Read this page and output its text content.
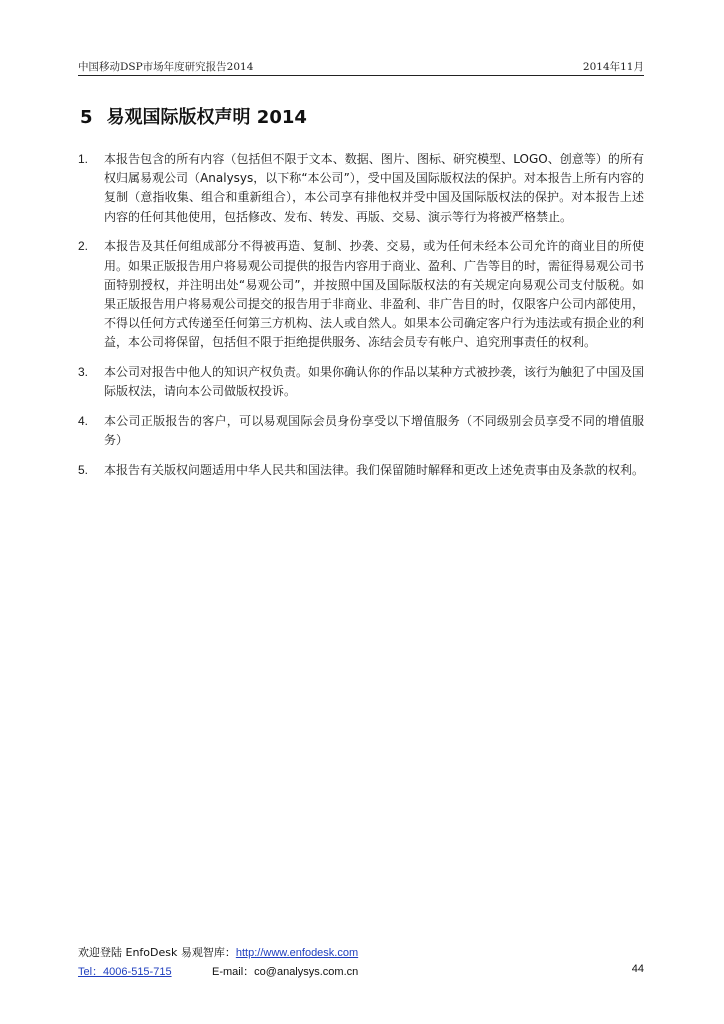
中国移动DSP市场年度研究报告2014	2014年11月
5 易观国际版权声明 2014
1. 本报告包含的所有内容（包括但不限于文本、数据、图片、图标、研究模型、LOGO、创意等）的所有权归属易观公司（Analysys，以下称“本公司”），受中国及国际版权法的保护。对本报告上所有内容的复制（意指收集、组合和重新组合），本公司享有排他权并受中国及国际版权法的保护。对本报告上述内容的任何其他使用，包括修改、发布、转发、再版、交易、演示等行为将被严格禁止。
2. 本报告及其任何组成部分不得被再造、复制、抄袭、交易，或为任何未经本公司允许的商业目的所使用。如果正版报告用户将易观公司提供的报告内容用于商业、盈利、广告等目的时，需征得易观公司书面特别授权，并注明出处“易观公司”，并按照中国及国际版权法的有关规定向易观公司支付版税。如果正版报告用户将易观公司提交的报告用于非商业、非盈利、非广告目的时，仅限客户公司内部使用，不得以任何方式传递至任何第三方机构、法人或自然人。如果本公司确定客户行为违法或有损企业的利益，本公司将保留，包括但不限于拒绝提供服务、冻结会员专有帐户、追究刑事责任的权利。
3. 本公司对报告中他人的知识产权负责。如果你确认你的作品以某种方式被抄袭，该行为触犯了中国及国际版权法，请向本公司做版权投诉。
4. 本公司正版报告的客户，可以易观国际会员身份享受以下增值服务（不同级别会员享受不同的增值服务）
5. 本报告有关版权问题适用中华人民共和国法律。我们保留随时解释和更改上述免责事由及条款的权利。
欢迎登陆 EnfoDesk 易观智库：http://www.enfodesk.com
Tel：4006-515-715	E-mail：co@analysys.com.cn	44
